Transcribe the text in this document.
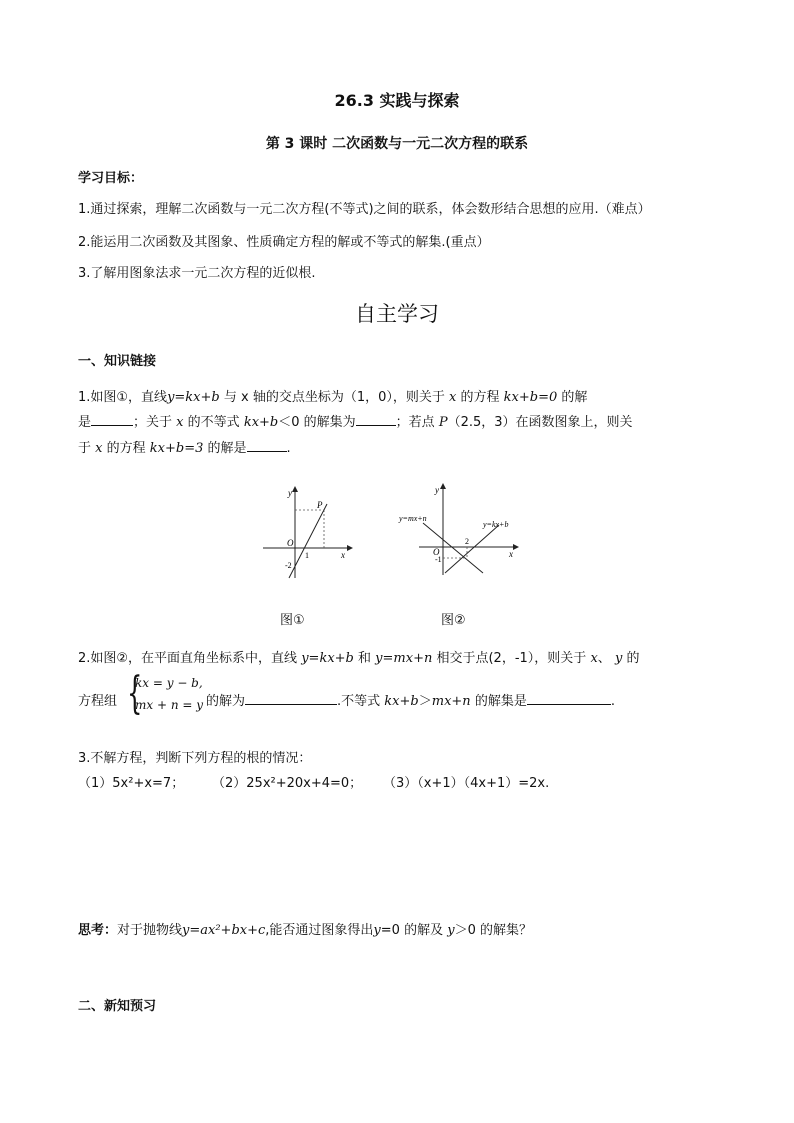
26.3 实践与探索
第 3 课时 二次函数与一元二次方程的联系
学习目标：
1.通过探索，理解二次函数与一元二次方程(不等式)之间的联系，体会数形结合思想的应用.（难点）
2.能运用二次函数及其图象、性质确定方程的解或不等式的解集.(重点）
3.了解用图象法求一元二次方程的近似根.
自主学习
一、知识链接
1.如图①，直线y=kx+b 与 x 轴的交点坐标为（1，0），则关于 x 的方程 kx+b=0 的解
是	；关于 x 的不等式 kx+b＜0 的解集为	；若点 P（2.5，3）在函数图象上，则关
于 x 的方程 kx+b=3 的解是	.
y
x
O
P
1
-2
y
x
O
2
-1
y=mx+n
y=kx+b
图①	图②
2.如图②，在平面直角坐标系中，直线 y=kx+b 和 y=mx+n 相交于点(2，-1），则关于 x、 y 的
方程组 {
kx = y − b,
mx + n = y 的解为	.不等式 kx+b＞mx+n 的解集是	.
3.不解方程，判断下列方程的根的情况：
（1）5x²+x=7； （2）25x²+20x+4=0； （3）（x+1）（4x+1）=2x.
思考：对于抛物线y=ax²+bx+c,能否通过图象得出y=0 的解及 y＞0 的解集？
二、新知预习
